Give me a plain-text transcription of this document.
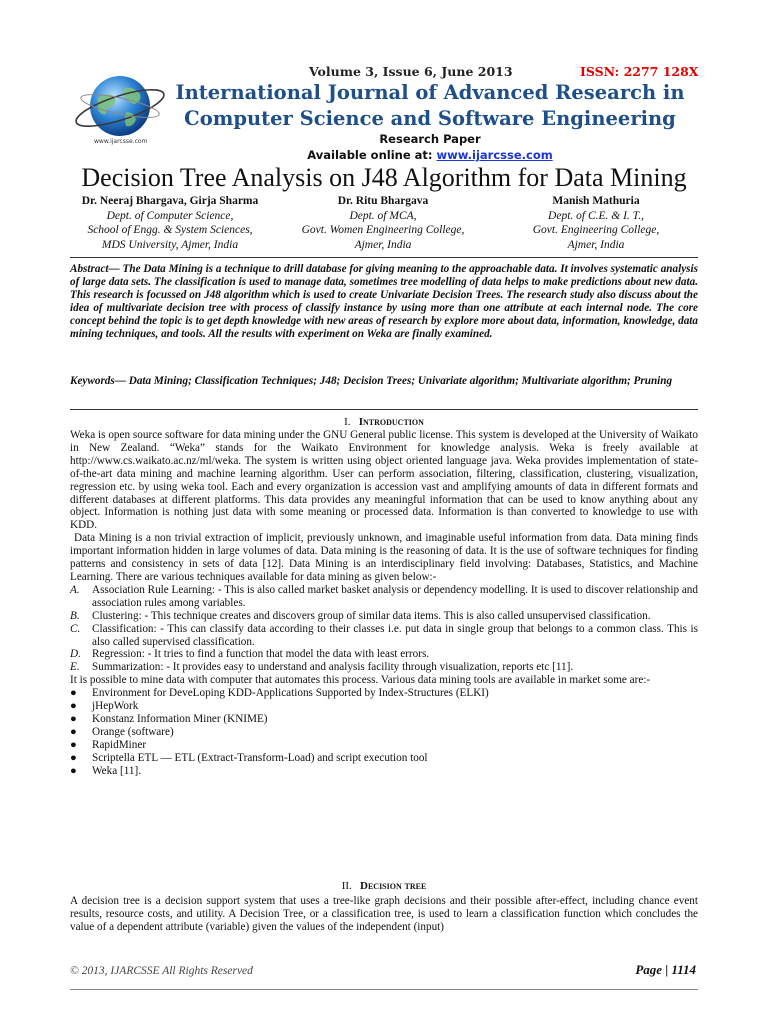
www.ijarcsse.com
Volume 3, Issue 6, June 2013	ISSN: 2277 128X
International Journal of Advanced Research in
Computer Science and Software Engineering
Research Paper
Available online at: www.ijarcsse.com
Decision Tree Analysis on J48 Algorithm for Data Mining
Dr. Neeraj Bhargava, Girja Sharma
Dept. of Computer Science,
School of Engg. & System Sciences,
MDS University, Ajmer, India
Dr. Ritu Bhargava
Dept. of MCA,
Govt. Women Engineering College,
Ajmer, India
Manish Mathuria
Dept. of C.E. & I. T.,
Govt. Engineering College,
Ajmer, India
Abstract— The Data Mining is a technique to drill database for giving meaning to the approachable data. It involves systematic analysis of large data sets. The classification is used to manage data, sometimes tree modelling of data helps to make predictions about new data. This research is focussed on J48 algorithm which is used to create Univariate Decision Trees. The research study also discuss about the idea of multivariate decision tree with process of classify instance by using more than one attribute at each internal node. The core concept behind the topic is to get depth knowledge with new areas of research by explore more about data, information, knowledge, data mining techniques, and tools. All the results with experiment on Weka are finally examined.
Keywords— Data Mining; Classification Techniques; J48; Decision Trees; Univariate algorithm; Multivariate algorithm; Pruning
I. Introduction

Weka is open source software for data mining under the GNU General public license. This system is developed at the University of Waikato in New Zealand. “Weka” stands for the Waikato Environment for knowledge analysis. Weka is freely available at http://www.cs.waikato.ac.nz/ml/weka. The system is written using object oriented language java. Weka provides implementation of state-of-the-art data mining and machine learning algorithm. User can perform association, filtering, classification, clustering, visualization, regression etc. by using weka tool. Each and every organization is accession vast and amplifying amounts of data in different formats and different databases at different platforms. This data provides any meaningful information that can be used to know anything about any object. Information is nothing just data with some meaning or processed data. Information is than converted to knowledge to use with KDD.

Data Mining is a non trivial extraction of implicit, previously unknown, and imaginable useful information from data. Data mining finds important information hidden in large volumes of data. Data mining is the reasoning of data. It is the use of software techniques for finding patterns and consistency in sets of data [12]. Data Mining is an interdisciplinary field involving: Databases, Statistics, and Machine Learning. There are various techniques available for data mining as given below:-

A.	Association Rule Learning: - This is also called market basket analysis or dependency modelling. It is used to discover relationship and association rules among variables.
B.	Clustering: - This technique creates and discovers group of similar data items. This is also called unsupervised classification.
C.	Classification: - This can classify data according to their classes i.e. put data in single group that belongs to a common class. This is also called supervised classification.
D. Regression: - It tries to find a function that model the data with least errors.
E.	Summarization: - It provides easy to understand and analysis facility through visualization, reports etc [11].

It is possible to mine data with computer that automates this process. Various data mining tools are available in market some are:-

●	Environment for DeveLoping KDD-Applications Supported by Index-Structures (ELKI)
●	jHepWork
●	Konstanz Information Miner (KNIME)
●	Orange (software)
●	RapidMiner
●	Scriptella ETL — ETL (Extract-Transform-Load) and script execution tool
●	Weka [11].
II. Decision tree

A decision tree is a decision support system that uses a tree-like graph decisions and their possible after-effect, including chance event results, resource costs, and utility. A Decision Tree, or a classification tree, is used to learn a classification function which concludes the value of a dependent attribute (variable) given the values of the independent (input)

© 2013, IJARCSSE All Rights Reserved	Page | 1114
